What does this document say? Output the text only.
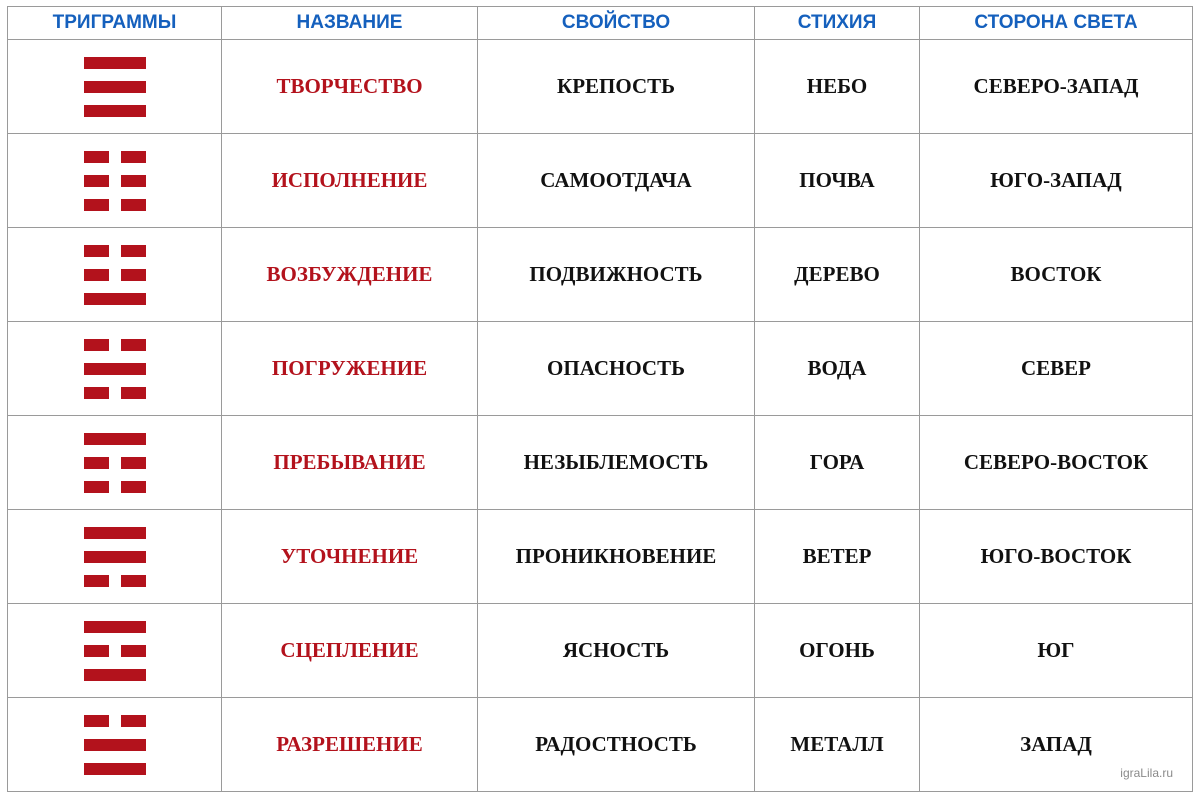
ТРИГРАММЫ	НАЗВАНИЕ	СВОЙСТВО	СТИХИЯ	СТОРОНА СВЕТА

	ТВОРЧЕСТВО	КРЕПОСТЬ	НЕБО	СЕВЕРО-ЗАПАД

	ИСПОЛНЕНИЕ	САМООТДАЧА	ПОЧВА	ЮГО-ЗАПАД

	ВОЗБУЖДЕНИЕ	ПОДВИЖНОСТЬ	ДЕРЕВО	ВОСТОК

	ПОГРУЖЕНИЕ	ОПАСНОСТЬ	ВОДА	СЕВЕР

	ПРЕБЫВАНИЕ	НЕЗЫБЛЕМОСТЬ	ГОРА	СЕВЕРО-ВОСТОК

	УТОЧНЕНИЕ	ПРОНИКНОВЕНИЕ	ВЕТЕР	ЮГО-ВОСТОК

	СЦЕПЛЕНИЕ	ЯСНОСТЬ	ОГОНЬ	ЮГ

	РАЗРЕШЕНИЕ	РАДОСТНОСТЬ	МЕТАЛЛ	ЗАПАД
igraLila.ru
